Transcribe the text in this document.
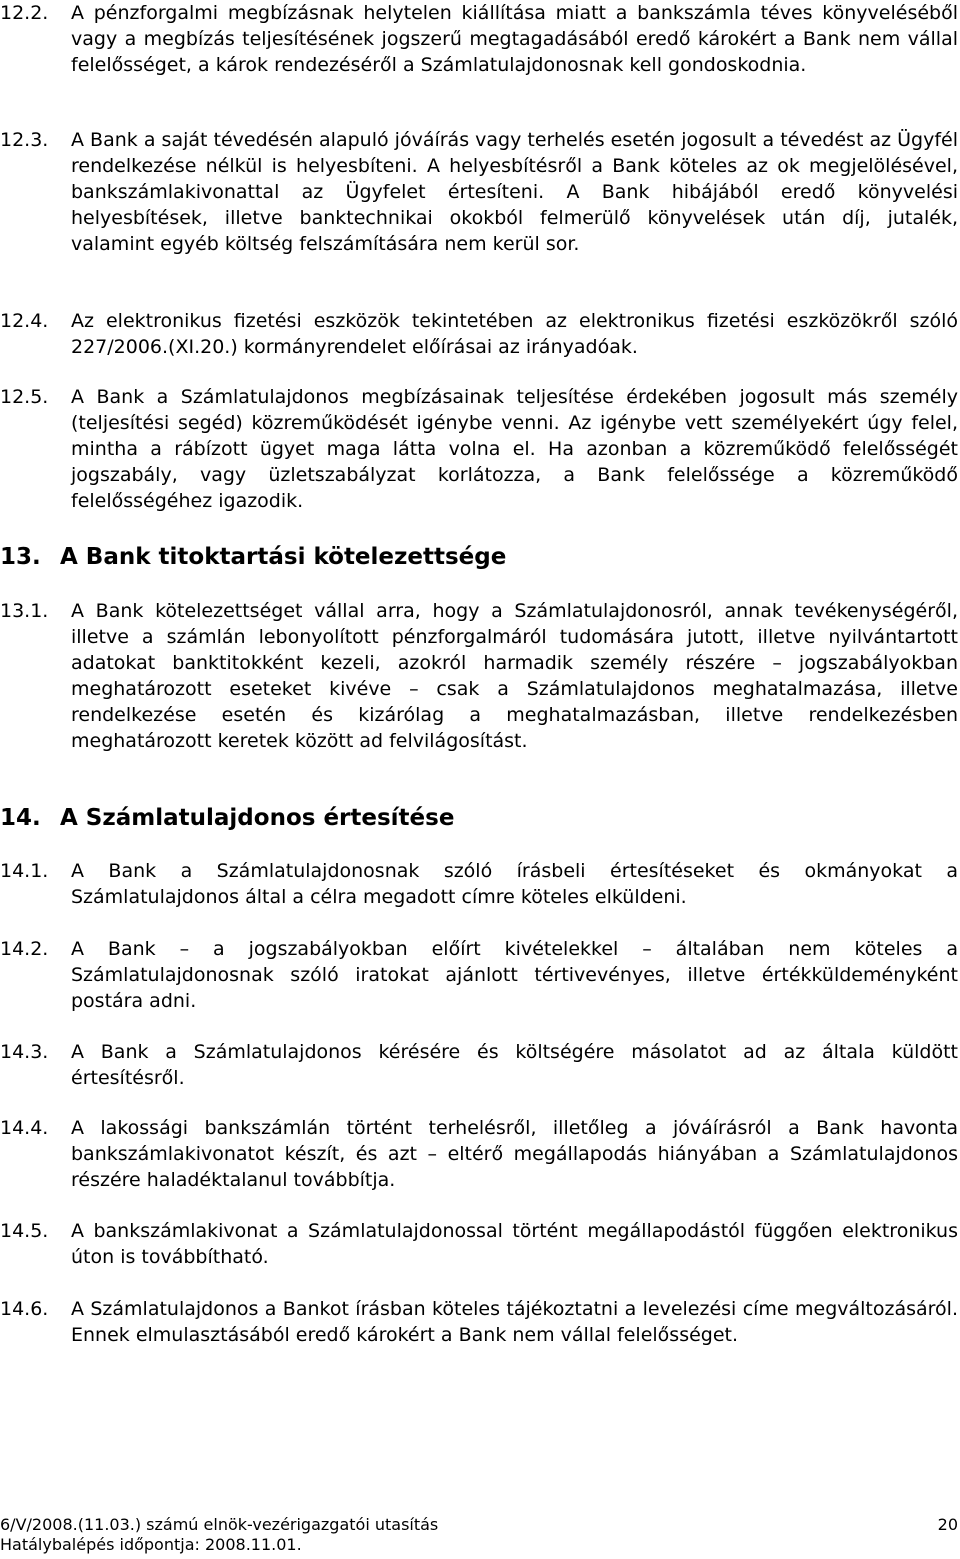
12.2. A pénzforgalmi megbízásnak helytelen kiállítása miatt a bankszámla téves könyveléséből vagy a megbízás teljesítésének jogszerű megtagadásából eredő károkért a Bank nem vállal felelősséget, a károk rendezéséről a Számlatulajdonosnak kell gondoskodnia.
12.3. A Bank a saját tévedésén alapuló jóváírás vagy terhelés esetén jogosult a tévedést az Ügyfél rendelkezése nélkül is helyesbíteni. A helyesbítésről a Bank köteles az ok megjelölésével, bankszámlakivonattal az Ügyfelet értesíteni. A Bank hibájából eredő könyvelési helyesbítések, illetve banktechnikai okokból felmerülő könyvelések után díj, jutalék, valamint egyéb költség felszámítására nem kerül sor.
12.4. Az elektronikus fizetési eszközök tekintetében az elektronikus fizetési eszközökről szóló 227/2006.(XI.20.) kormányrendelet előírásai az irányadóak.
12.5. A Bank a Számlatulajdonos megbízásainak teljesítése érdekében jogosult más személy (teljesítési segéd) közreműködését igénybe venni. Az igénybe vett személyekért úgy felel, mintha a rábízott ügyet maga látta volna el. Ha azonban a közreműködő felelősségét jogszabály, vagy üzletszabályzat korlátozza, a Bank felelőssége a közreműködő felelősségéhez igazodik.
13. A Bank titoktartási kötelezettsége
13.1. A Bank kötelezettséget vállal arra, hogy a Számlatulajdonosról, annak tevékenységéről, illetve a számlán lebonyolított pénzforgalmáról tudomására jutott, illetve nyilvántartott adatokat banktitokként kezeli, azokról harmadik személy részére – jogszabályokban meghatározott eseteket kivéve – csak a Számlatulajdonos meghatalmazása, illetve rendelkezése esetén és kizárólag a meghatalmazásban, illetve rendelkezésben meghatározott keretek között ad felvilágosítást.
14. A Számlatulajdonos értesítése
14.1. A Bank a Számlatulajdonosnak szóló írásbeli értesítéseket és okmányokat a Számlatulajdonos által a célra megadott címre köteles elküldeni.
14.2. A Bank – a jogszabályokban előírt kivételekkel – általában nem köteles a Számlatulajdonosnak szóló iratokat ajánlott tértivevényes, illetve értékküldeményként postára adni.
14.3. A Bank a Számlatulajdonos kérésére és költségére másolatot ad az általa küldött értesítésről.
14.4. A lakossági bankszámlán történt terhelésről, illetőleg a jóváírásról a Bank havonta bankszámlakivonatot készít, és azt – eltérő megállapodás hiányában a Számlatulajdonos részére haladéktalanul továbbítja.
14.5. A bankszámlakivonat a Számlatulajdonossal történt megállapodástól függően elektronikus úton is továbbítható.
14.6. A Számlatulajdonos a Bankot írásban köteles tájékoztatni a levelezési címe megváltozásáról. Ennek elmulasztásából eredő károkért a Bank nem vállal felelősséget.
6/V/2008.(11.03.) számú elnök-vezérigazgatói utasítás
Hatálybalépés időpontja: 2008.11.01.
20
